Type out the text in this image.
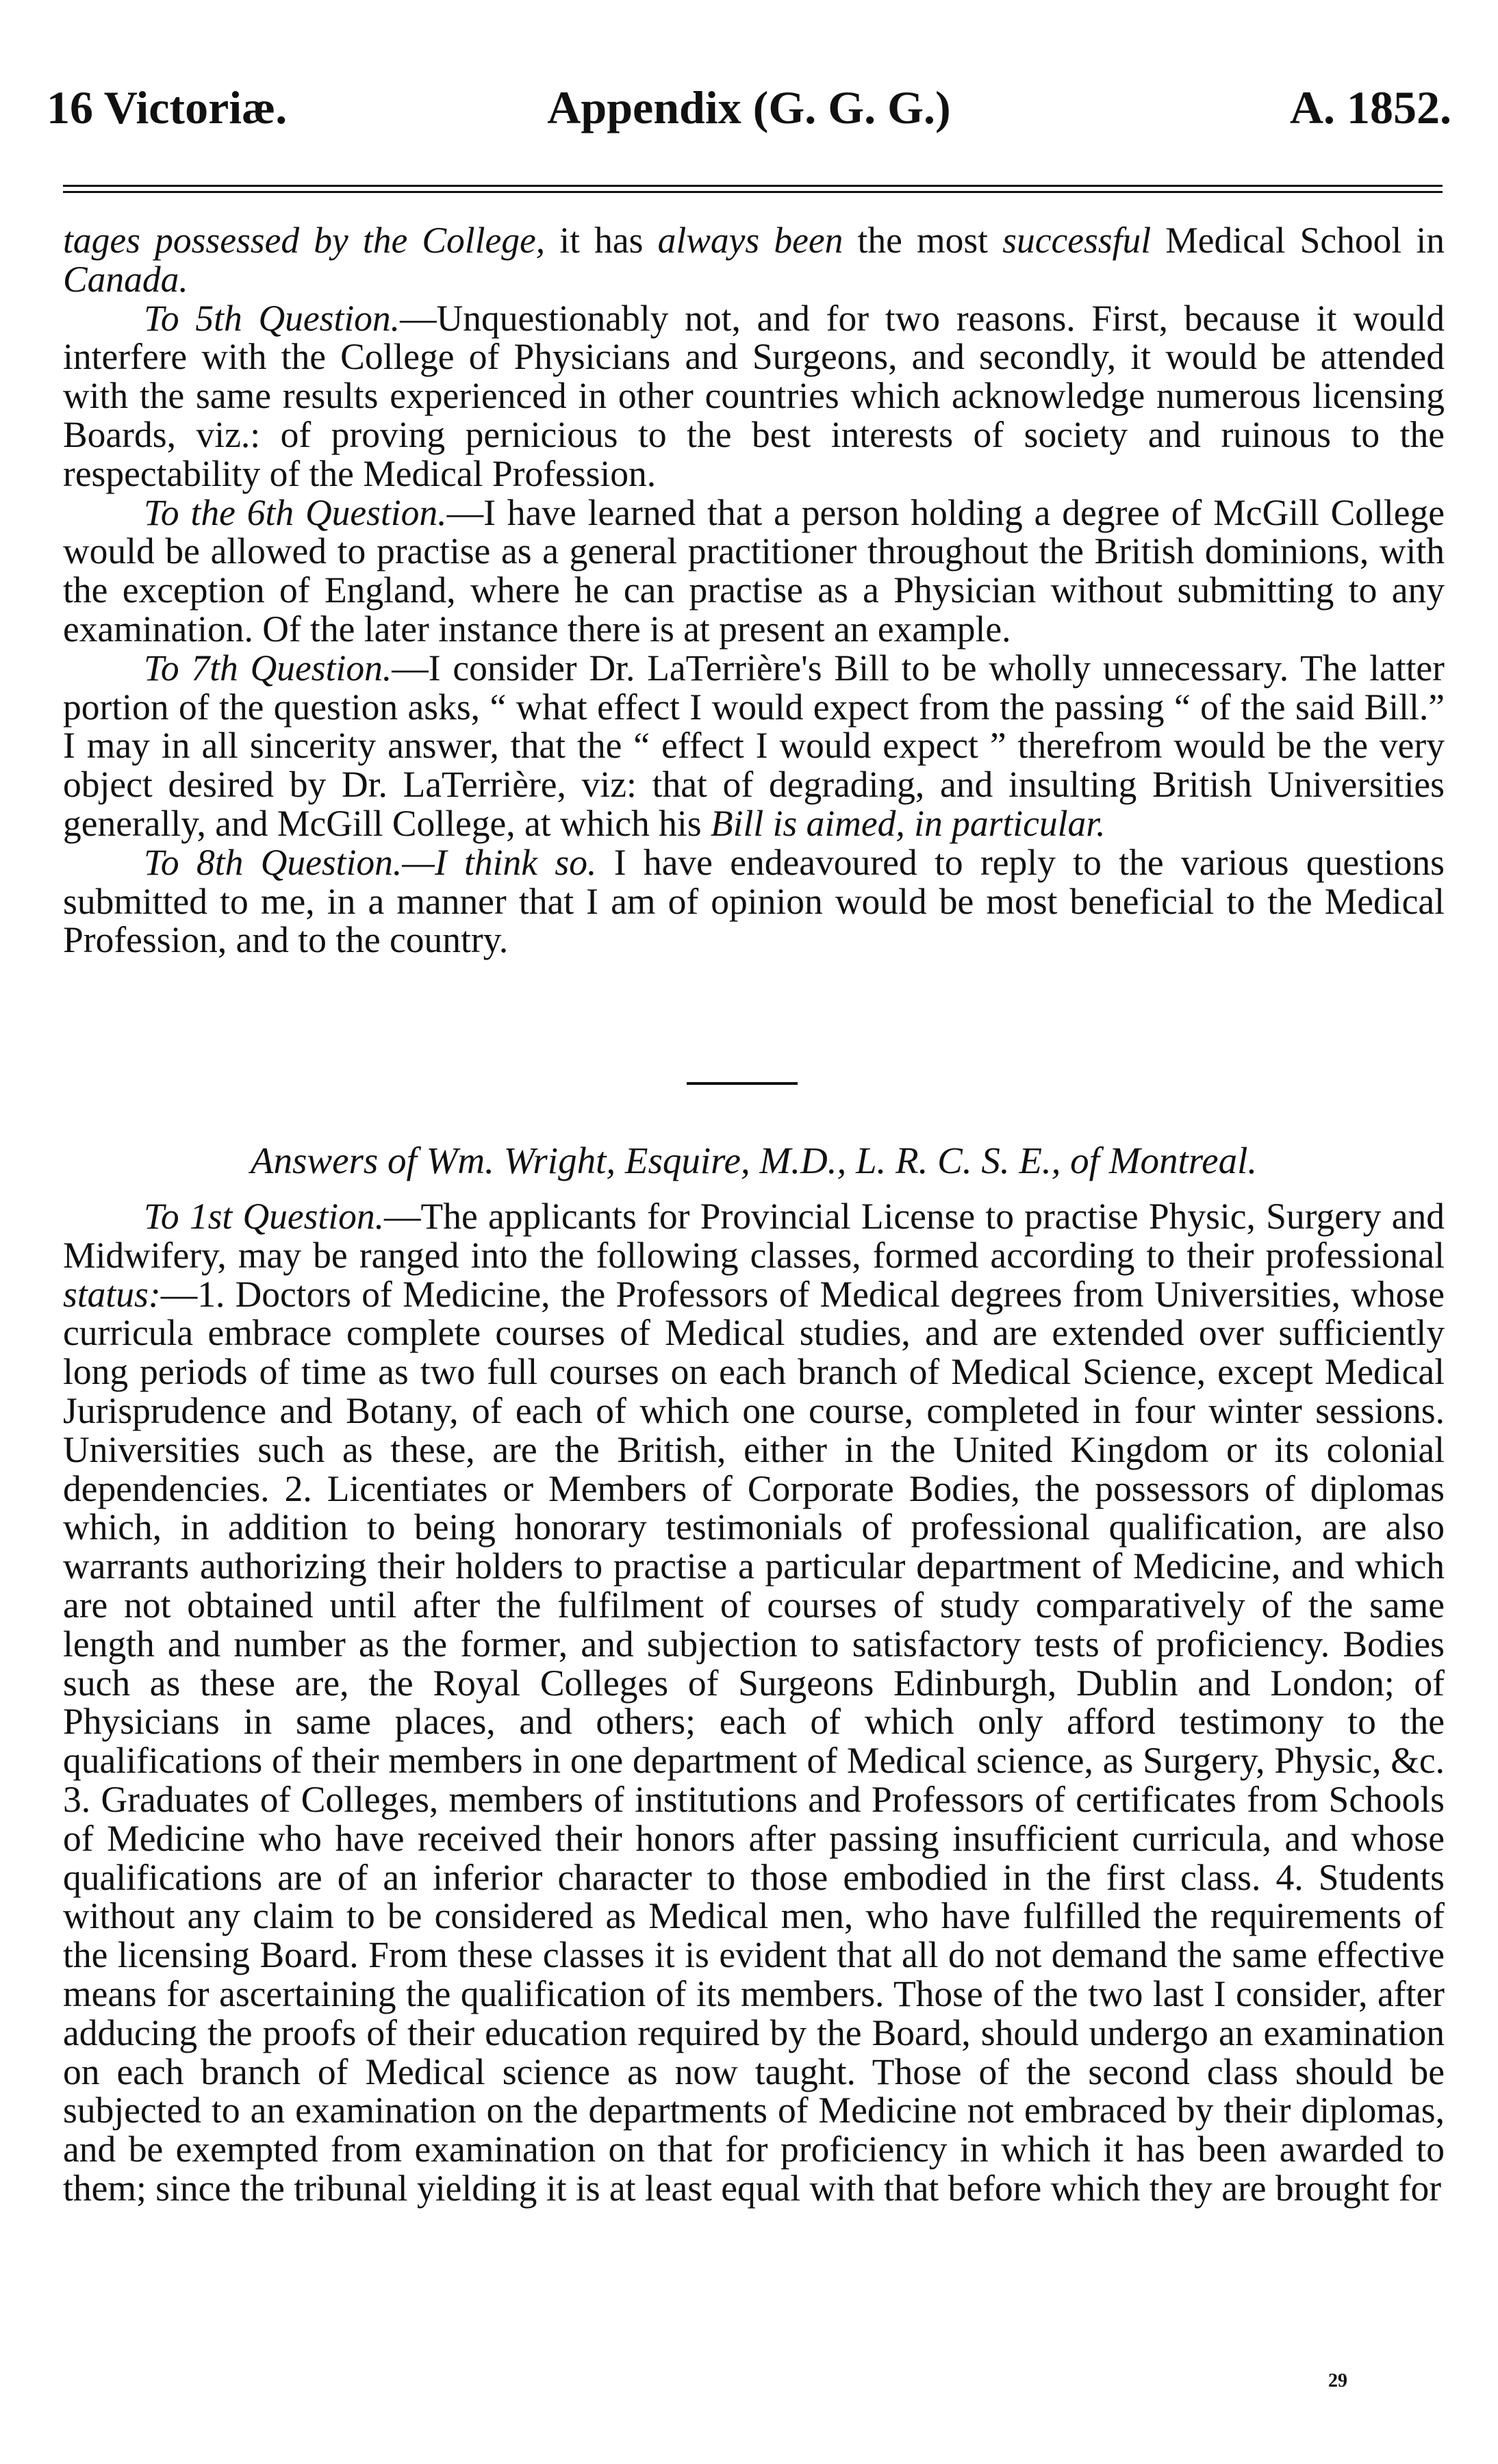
Appendix (G. G. G.)
16 Victoriæ.	A. 1852.

tages possessed by the College, it has always been the most successful Medical School in Canada.

To 5th Question.—Unquestionably not, and for two reasons. First, because it would interfere with the College of Physicians and Surgeons, and secondly, it would be attended with the same results experienced in other countries which acknowledge numerous licensing Boards, viz.: of proving pernicious to the best interests of society and ruinous to the respectability of the Medical Profession.

To the 6th Question.—I have learned that a person holding a degree of McGill College would be allowed to practise as a general practitioner throughout the British dominions, with the exception of England, where he can practise as a Physician without submitting to any examination. Of the later instance there is at present an example.

To 7th Question.—I consider Dr. LaTerrière's Bill to be wholly unnecessary. The latter portion of the question asks, “ what effect I would expect from the passing “ of the said Bill.” I may in all sincerity answer, that the “ effect I would expect ” therefrom would be the very object desired by Dr. LaTerrière, viz: that of degrading, and insulting British Universities generally, and McGill College, at which his Bill is aimed, in particular.

To 8th Question.—I think so. I have endeavoured to reply to the various questions submitted to me, in a manner that I am of opinion would be most beneficial to the Medical Profession, and to the country.

Answers of Wm. Wright, Esquire, M.D., L. R. C. S. E., of Montreal.

To 1st Question.—The applicants for Provincial License to practise Physic, Surgery and Midwifery, may be ranged into the following classes, formed according to their professional status:—1. Doctors of Medicine, the Professors of Medical degrees from Universities, whose curricula embrace complete courses of Medical studies, and are extended over sufficiently long periods of time as two full courses on each branch of Medical Science, except Medical Jurisprudence and Botany, of each of which one course, completed in four winter sessions. Universities such as these, are the British, either in the United Kingdom or its colonial dependencies. 2. Licentiates or Members of Corporate Bodies, the possessors of diplomas which, in addition to being honorary testimonials of professional qualification, are also warrants authorizing their holders to practise a particular department of Medicine, and which are not obtained until after the fulfilment of courses of study comparatively of the same length and number as the former, and subjection to satisfactory tests of proficiency. Bodies such as these are, the Royal Colleges of Surgeons Edinburgh, Dublin and London; of Physicians in same places, and others; each of which only afford testimony to the qualifications of their members in one department of Medical science, as Surgery, Physic, &c. 3. Graduates of Colleges, members of institutions and Professors of certificates from Schools of Medicine who have received their honors after passing insufficient curricula, and whose qualifications are of an inferior character to those embodied in the first class. 4. Students without any claim to be considered as Medical men, who have fulfilled the requirements of the licensing Board. From these classes it is evident that all do not demand the same effective means for ascertaining the qualification of its members. Those of the two last I consider, after adducing the proofs of their education required by the Board, should undergo an examination on each branch of Medical science as now taught. Those of the second class should be subjected to an examination on the departments of Medicine not embraced by their diplomas, and be exempted from examination on that for proficiency in which it has been awarded to them; since the tribunal yielding it is at least equal with that before which they are brought for

29
